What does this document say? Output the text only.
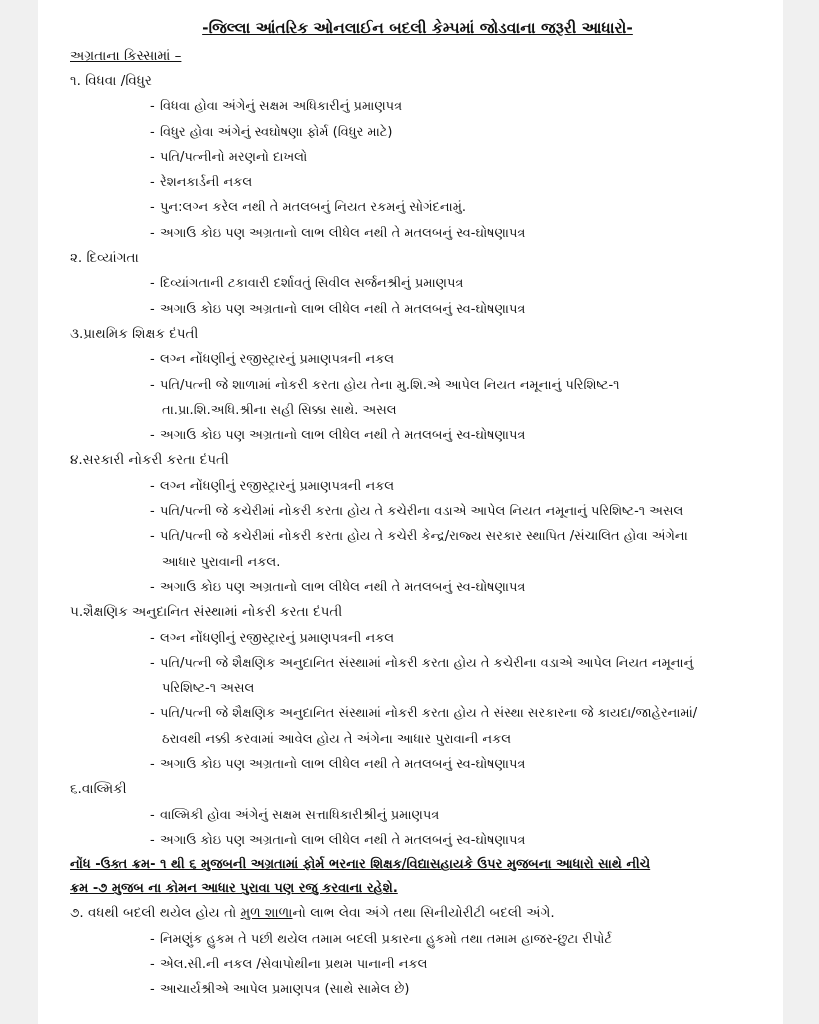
-જિલ્લા આંતરિક ઓનલાઈન બદલી કેમ્પમાં જોડવાના જરૂરી આધારો-
અગ્રતાના કિસ્સામાં –
૧. વિધવા /વિધુર
- વિધવા હોવા અંગેનું સક્ષમ અધિકારીનું પ્રમાણપત્ર
- વિધુર હોવા અંગેનું સ્વઘોષણા ફોર્મ (વિધુર માટે)
- પતિ/પત્નીનો મરણનો દાખલો
- રેશનકાર્ડની નકલ
- પુન:લગ્ન કરેલ નથી તે મતલબનું નિયત રકમનું સોગંદનામું.
- અગાઉ કોઇ પણ અગ્રતાનો લાભ લીધેલ નથી તે મતલબનું સ્વ-ઘોષણાપત્ર
૨. દિવ્યાંગતા
- દિવ્યાંગતાની ટકાવારી દર્શાવતું સિવીલ સર્જનશ્રીનું પ્રમાણપત્ર
- અગાઉ કોઇ પણ અગ્રતાનો લાભ લીધેલ નથી તે મતલબનું સ્વ-ઘોષણાપત્ર
૩.પ્રાથમિક શિક્ષક દંપતી
- લગ્ન નોંધણીનું રજીસ્ટ્રારનું પ્રમાણપત્રની નકલ
- પતિ/પત્ની જે શાળામાં નોકરી કરતા હોય તેના મુ.શિ.એ આપેલ નિયત નમૂનાનું પરિશિષ્ટ-૧
તા.પ્રા.શિ.અધિ.શ્રીના સહી સિક્કા સાથે. અસલ
- અગાઉ કોઇ પણ અગ્રતાનો લાભ લીધેલ નથી તે મતલબનું સ્વ-ઘોષણાપત્ર
૪.સરકારી નોકરી કરતા દંપતી
- લગ્ન નોંધણીનું રજીસ્ટ્રારનું પ્રમાણપત્રની નકલ
- પતિ/પત્ની જે કચેરીમાં નોકરી કરતા હોય તે કચેરીના વડાએ આપેલ નિયત નમૂનાનું પરિશિષ્ટ-૧ અસલ
- પતિ/પત્ની જે કચેરીમાં નોકરી કરતા હોય તે કચેરી કેન્દ્ર/રાજ્ય સરકાર સ્થાપિત /સંચાલિત હોવા અંગેના
આધાર પુરાવાની નકલ.
- અગાઉ કોઇ પણ અગ્રતાનો લાભ લીધેલ નથી તે મતલબનું સ્વ-ઘોષણાપત્ર
૫.શૈક્ષણિક અનુદાનિત સંસ્થામાં નોકરી કરતા દંપતી
- લગ્ન નોંધણીનું રજીસ્ટ્રારનું પ્રમાણપત્રની નકલ
- પતિ/પત્ની જે શૈક્ષણિક અનુદાનિત સંસ્થામાં નોકરી કરતા હોય તે કચેરીના વડાએ આપેલ નિયત નમૂનાનું
પરિશિષ્ટ-૧ અસલ
- પતિ/પત્ની જે શૈક્ષણિક અનુદાનિત સંસ્થામાં નોકરી કરતા હોય તે સંસ્થા સરકારના જે કાયદા/જાહેરનામાં/
ઠરાવથી નક્કી કરવામાં આવેલ હોય તે અંગેના આધાર પુરાવાની નકલ
- અગાઉ કોઇ પણ અગ્રતાનો લાભ લીધેલ નથી તે મતલબનું સ્વ-ઘોષણાપત્ર
૬.વાલ્મિકી
- વાલ્મિકી હોવા અંગેનું સક્ષમ સત્તાધિકારીશ્રીનું પ્રમાણપત્ર
- અગાઉ કોઇ પણ અગ્રતાનો લાભ લીધેલ નથી તે મતલબનું સ્વ-ઘોષણાપત્ર
નોંધ -ઉક્ત ક્રમ- ૧ થી ૬ મુજબની અગ્રતામાં ફોર્મ ભરનાર શિક્ષક/વિદ્યાસહાયકે ઉપર મુજબના આધારો સાથે નીચે
ક્રમ -૭ મુજબ ના કોમન આધાર પુરાવા પણ રજુ કરવાના રહેશે.
૭. વધથી બદલી થયેલ હોય તો મુળ શાળાનો લાભ લેવા અંગે તથા સિનીયોરીટી બદલી અંગે.
- નિમણુંક હુકમ તે પછી થયેલ તમામ બદલી પ્રકારના હુકમો તથા તમામ હાજર-છુટા રીપોર્ટ
- એલ.સી.ની નકલ /સેવાપોથીના પ્રથમ પાનાની નકલ
- આચાર્યશ્રીએ આપેલ પ્રમાણપત્ર (સાથે સામેલ છે)
